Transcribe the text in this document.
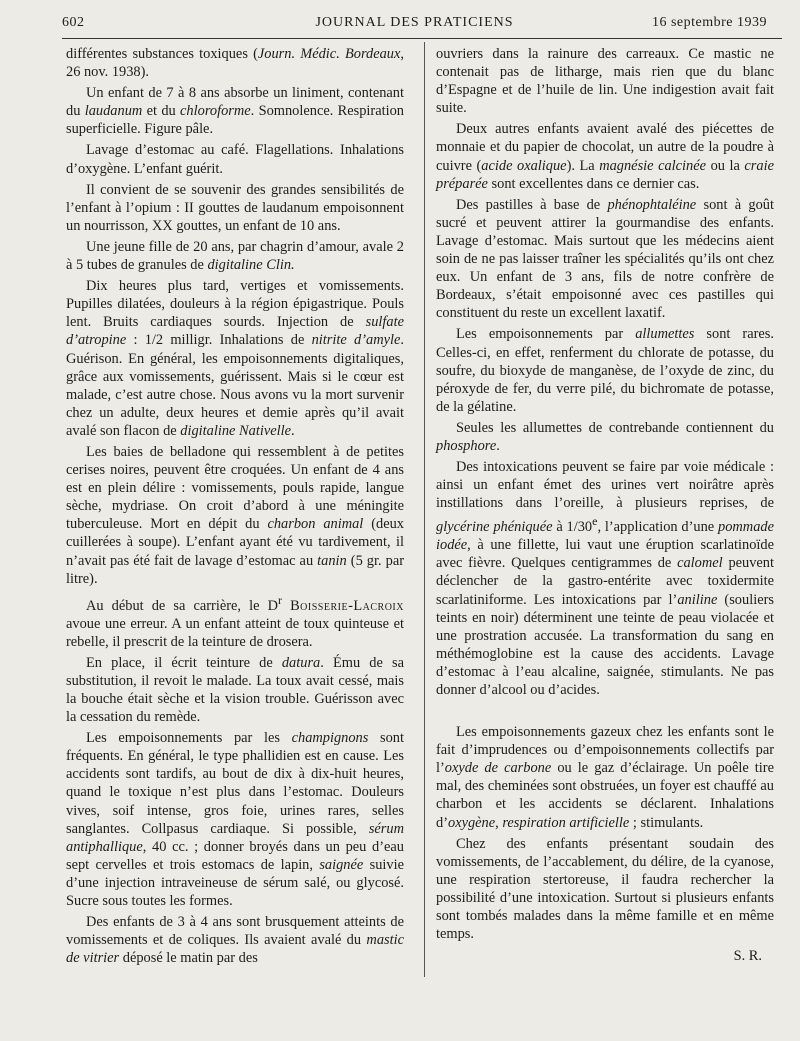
602	JOURNAL DES PRATICIENS	16 septembre 1939

différentes substances toxiques (Journ. Médic. Bordeaux, 26 nov. 1938).

Un enfant de 7 à 8 ans absorbe un liniment, contenant du laudanum et du chloroforme. Somnolence. Respiration superficielle. Figure pâle.

Lavage d’estomac au café. Flagellations. Inhalations d’oxygène. L’enfant guérit.

Il convient de se souvenir des grandes sensibilités de l’enfant à l’opium : II gouttes de laudanum empoisonnent un nourrisson, XX gouttes, un enfant de 10 ans.

Une jeune fille de 20 ans, par chagrin d’amour, avale 2 à 5 tubes de granules de digitaline Clin.

Dix heures plus tard, vertiges et vomissements. Pupilles dilatées, douleurs à la région épigastrique. Pouls lent. Bruits cardiaques sourds. Injection de sulfate d’atropine : 1/2 milligr. Inhalations de nitrite d’amyle. Guérison. En général, les empoisonnements digitaliques, grâce aux vomissements, guérissent. Mais si le cœur est malade, c’est autre chose. Nous avons vu la mort survenir chez un adulte, deux heures et demie après qu’il avait avalé son flacon de digitaline Nativelle.

Les baies de belladone qui ressemblent à de petites cerises noires, peuvent être croquées. Un enfant de 4 ans est en plein délire : vomissements, pouls rapide, langue sèche, mydriase. On croit d’abord à une méningite tuberculeuse. Mort en dépit du charbon animal (deux cuillerées à soupe). L’enfant ayant été vu tardivement, il n’avait pas été fait de lavage d’estomac au tanin (5 gr. par litre).

Au début de sa carrière, le $D^r$ Boisserie-Lacroix avoue une erreur. A un enfant atteint de toux quinteuse et rebelle, il prescrit de la teinture de drosera.

En place, il écrit teinture de datura. Ému de sa substitution, il revoit le malade. La toux avait cessé, mais la bouche était sèche et la vision trouble. Guérisson avec la cessation du remède.

Les empoisonnements par les champignons sont fréquents. En général, le type phallidien est en cause. Les accidents sont tardifs, au bout de dix à dix-huit heures, quand le toxique n’est plus dans l’estomac. Douleurs vives, soif intense, gros foie, urines rares, selles sanglantes. Collpasus cardiaque. Si possible, sérum antiphallique, 40 cc. ; donner broyés dans un peu d’eau sept cervelles et trois estomacs de lapin, saignée suivie d’une injection intraveineuse de sérum salé, ou glycosé. Sucre sous toutes les formes.

Des enfants de 3 à 4 ans sont brusquement atteints de vomissements et de coliques. Ils avaient avalé du mastic de vitrier déposé le matin par des

ouvriers dans la rainure des carreaux. Ce mastic ne contenait pas de litharge, mais rien que du blanc d’Espagne et de l’huile de lin. Une indigestion avait fait suite.

Deux autres enfants avaient avalé des piécettes de monnaie et du papier de chocolat, un autre de la poudre à cuivre (acide oxalique). La magnésie calcinée ou la craie préparée sont excellentes dans ce dernier cas.

Des pastilles à base de phénophtaléine sont à goût sucré et peuvent attirer la gourmandise des enfants. Lavage d’estomac. Mais surtout que les médecins aient soin de ne pas laisser traîner les spécialités qu’ils ont chez eux. Un enfant de 3 ans, fils de notre confrère de Bordeaux, s’était empoisonné avec ces pastilles qui constituent du reste un excellent laxatif.

Les empoisonnements par allumettes sont rares. Celles-ci, en effet, renferment du chlorate de potasse, du soufre, du bioxyde de manganèse, de l’oxyde de zinc, du péroxyde de fer, du verre pilé, du bichromate de potasse, de la gélatine.

Seules les allumettes de contrebande contiennent du phosphore.

Des intoxications peuvent se faire par voie médicale : ainsi un enfant émet des urines vert noirâtre après instillations dans l’oreille, à plusieurs reprises, de glycérine phéniquée à 1/30e, l’application d’une pommade iodée, à une fillette, lui vaut une éruption scarlatinoïde avec fièvre. Quelques centigrammes de calomel peuvent déclencher de la gastro-entérite avec toxidermite scarlatiniforme. Les intoxications par l’aniline (souliers teints en noir) déterminent une teinte de peau violacée et une prostration accusée. La transformation du sang en méthémoglobine est la cause des accidents. Lavage d’estomac à l’eau alcaline, saignée, stimulants. Ne pas donner d’alcool ou d’acides.

Les empoisonnements gazeux chez les enfants sont le fait d’imprudences ou d’empoisonnements collectifs par l’oxyde de carbone ou le gaz d’éclairage. Un poêle tire mal, des cheminées sont obstruées, un foyer est chauffé au charbon et les accidents se déclarent. Inhalations d’oxygène, respiration artificielle ; stimulants.

Chez des enfants présentant soudain des vomissements, de l’accablement, du délire, de la cyanose, une respiration stertoreuse, il faudra rechercher la possibilité d’une intoxication. Surtout si plusieurs enfants sont tombés malades dans la même famille et en même temps.

S. R.
